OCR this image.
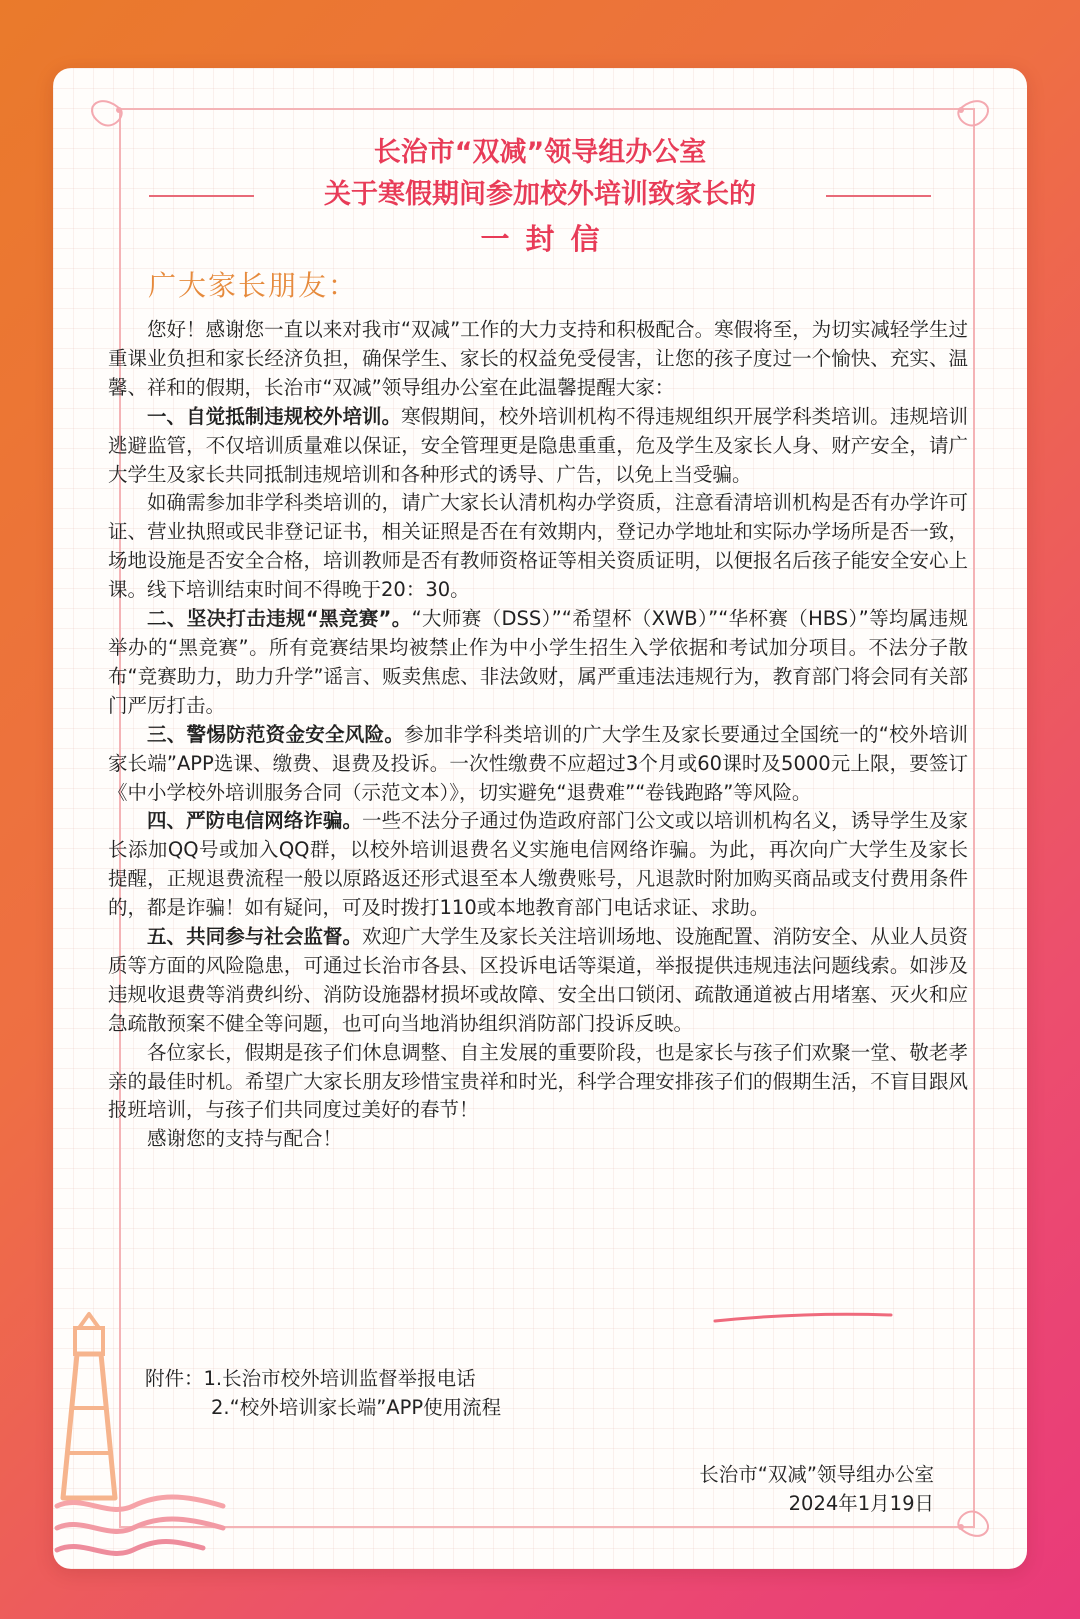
长治市“双减”领导组办公室
关于寒假期间参加校外培训致家长的
一封信
广大家长朋友：

您好！感谢您一直以来对我市“双减”工作的大力支持和积极配合。寒假将至，为切实减轻学生过重课业负担和家长经济负担，确保学生、家长的权益免受侵害，让您的孩子度过一个愉快、充实、温馨、祥和的假期，长治市“双减”领导组办公室在此温馨提醒大家：

一、自觉抵制违规校外培训。寒假期间，校外培训机构不得违规组织开展学科类培训。违规培训逃避监管，不仅培训质量难以保证，安全管理更是隐患重重，危及学生及家长人身、财产安全，请广大学生及家长共同抵制违规培训和各种形式的诱导、广告，以免上当受骗。

如确需参加非学科类培训的，请广大家长认清机构办学资质，注意看清培训机构是否有办学许可证、营业执照或民非登记证书，相关证照是否在有效期内，登记办学地址和实际办学场所是否一致，场地设施是否安全合格，培训教师是否有教师资格证等相关资质证明，以便报名后孩子能安全安心上课。线下培训结束时间不得晚于20：30。

二、坚决打击违规“黑竞赛”。“大师赛（DSS）”“希望杯（XWB）”“华杯赛（HBS）”等均属违规举办的“黑竞赛”。所有竞赛结果均被禁止作为中小学生招生入学依据和考试加分项目。不法分子散布“竞赛助力，助力升学”谣言、贩卖焦虑、非法敛财，属严重违法违规行为，教育部门将会同有关部门严厉打击。

三、警惕防范资金安全风险。参加非学科类培训的广大学生及家长要通过全国统一的“校外培训家长端”APP选课、缴费、退费及投诉。一次性缴费不应超过3个月或60课时及5000元上限，要签订《中小学校外培训服务合同（示范文本）》，切实避免“退费难”“卷钱跑路”等风险。

四、严防电信网络诈骗。一些不法分子通过伪造政府部门公文或以培训机构名义，诱导学生及家长添加QQ号或加入QQ群，以校外培训退费名义实施电信网络诈骗。为此，再次向广大学生及家长提醒，正规退费流程一般以原路返还形式退至本人缴费账号，凡退款时附加购买商品或支付费用条件的，都是诈骗！如有疑问，可及时拨打110或本地教育部门电话求证、求助。

五、共同参与社会监督。欢迎广大学生及家长关注培训场地、设施配置、消防安全、从业人员资质等方面的风险隐患，可通过长治市各县、区投诉电话等渠道，举报提供违规违法问题线索。如涉及违规收退费等消费纠纷、消防设施器材损坏或故障、安全出口锁闭、疏散通道被占用堵塞、灭火和应急疏散预案不健全等问题，也可向当地消协组织消防部门投诉反映。

各位家长，假期是孩子们休息调整、自主发展的重要阶段，也是家长与孩子们欢聚一堂、敬老孝亲的最佳时机。希望广大家长朋友珍惜宝贵祥和时光，科学合理安排孩子们的假期生活，不盲目跟风报班培训，与孩子们共同度过美好的春节！

感谢您的支持与配合！

附件：1.长治市校外培训监督举报电话
2.“校外培训家长端”APP使用流程
长治市“双减”领导组办公室
2024年1月19日
